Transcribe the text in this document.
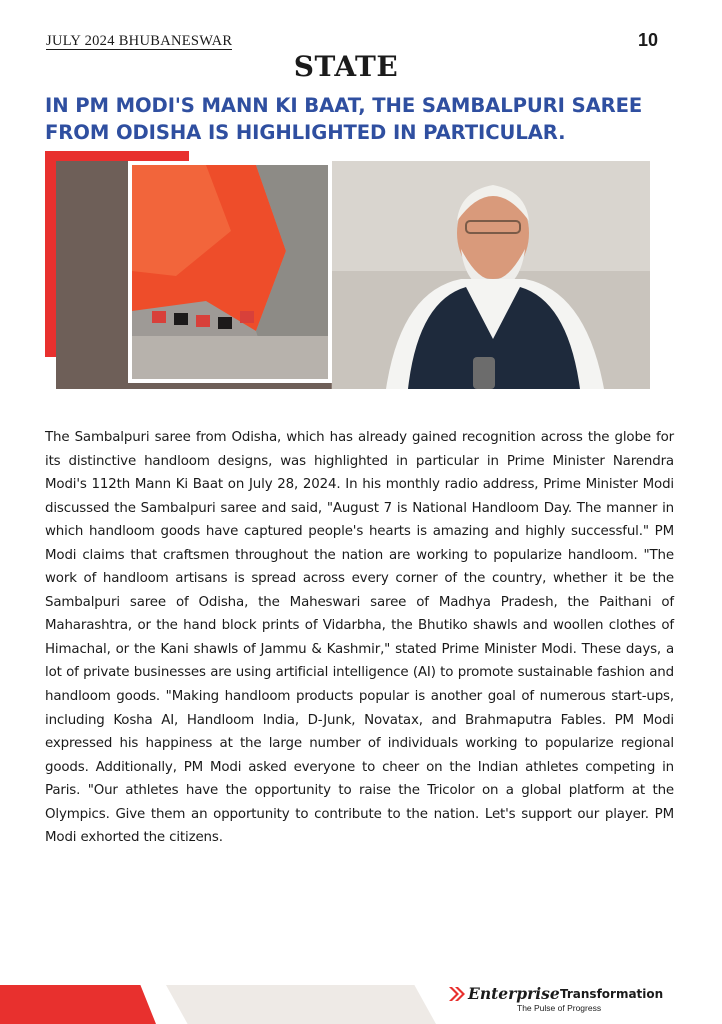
JULY 2024 BHUBANESWAR	10
STATE
IN PM MODI'S MANN KI BAAT, THE SAMBALPURI SAREE FROM ODISHA IS HIGHLIGHTED IN PARTICULAR.

The Sambalpuri saree from Odisha, which has already gained recognition across the globe for its distinctive handloom designs, was highlighted in particular in Prime Minister Narendra Modi's 112th Mann Ki Baat on July 28, 2024. In his monthly radio address, Prime Minister Modi discussed the Sambalpuri saree and said, "August 7 is National Handloom Day. The manner in which handloom goods have captured people's hearts is amazing and highly successful." PM Modi claims that craftsmen throughout the nation are working to popularize handloom. "The work of handloom artisans is spread across every corner of the country, whether it be the Sambalpuri saree of Odisha, the Maheswari saree of Madhya Pradesh, the Paithani of Maharashtra, or the hand block prints of Vidarbha, the Bhutiko shawls and woollen clothes of Himachal, or the Kani shawls of Jammu & Kashmir," stated Prime Minister Modi. These days, a lot of private businesses are using artificial intelligence (AI) to promote sustainable fashion and handloom goods. "Making handloom products popular is another goal of numerous start-ups, including Kosha AI, Handloom India, D-Junk, Novatax, and Brahmaputra Fables. PM Modi expressed his happiness at the large number of individuals working to popularize regional goods. Additionally, PM Modi asked everyone to cheer on the Indian athletes competing in Paris. "Our athletes have the opportunity to raise the Tricolor on a global platform at the Olympics. Give them an opportunity to contribute to the nation. Let's support our player. PM Modi exhorted the citizens.

Enterprise Transformation
The Pulse of Progress
